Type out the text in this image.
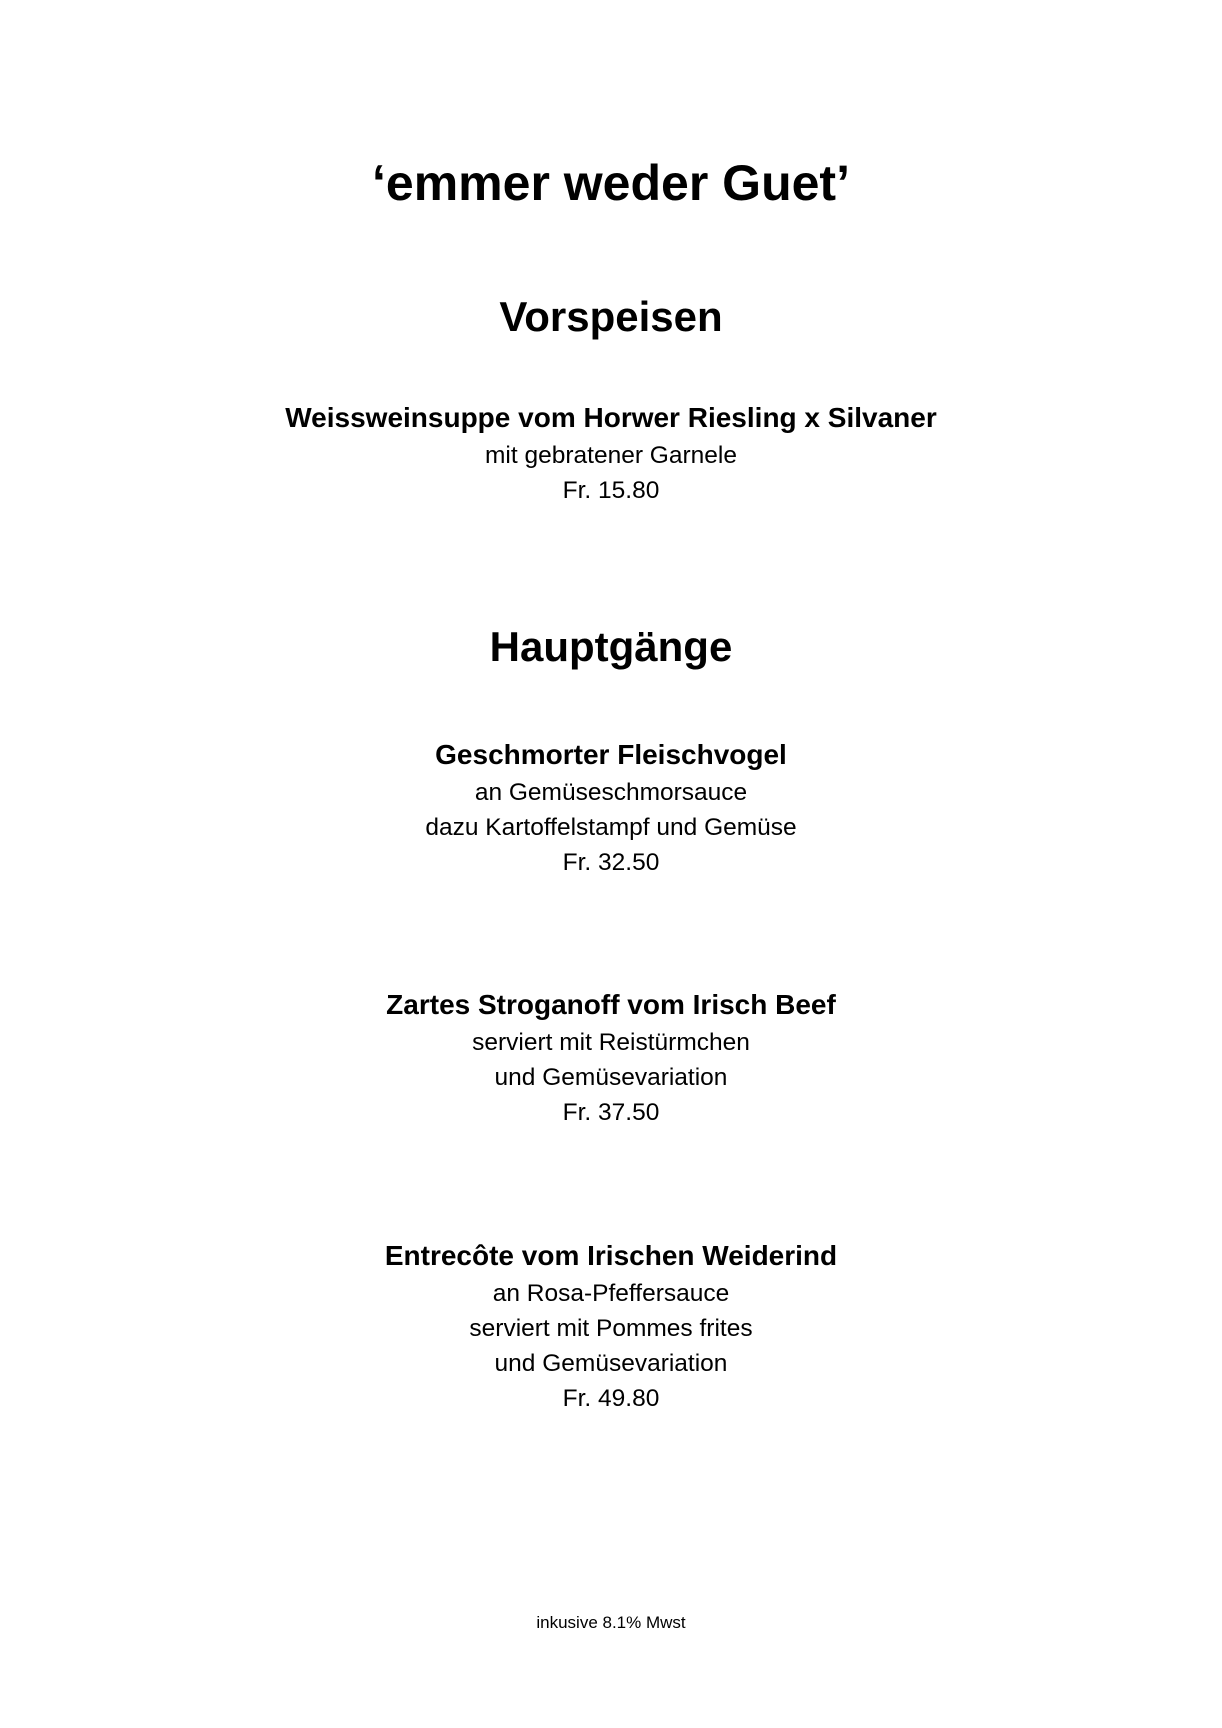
‘emmer weder Guet’
Vorspeisen
Weissweinsuppe vom Horwer Riesling x Silvaner
mit gebratener Garnele
Fr. 15.80
Hauptgänge
Geschmorter Fleischvogel
an Gemüseschmorsauce
dazu Kartoffelstampf und Gemüse
Fr. 32.50
Zartes Stroganoff vom Irisch Beef
serviert mit Reistürmchen
und Gemüsevariation
Fr. 37.50
Entrecôte vom Irischen Weiderind
an Rosa-Pfeffersauce
serviert mit Pommes frites
und Gemüsevariation
Fr. 49.80
inkusive 8.1% Mwst
